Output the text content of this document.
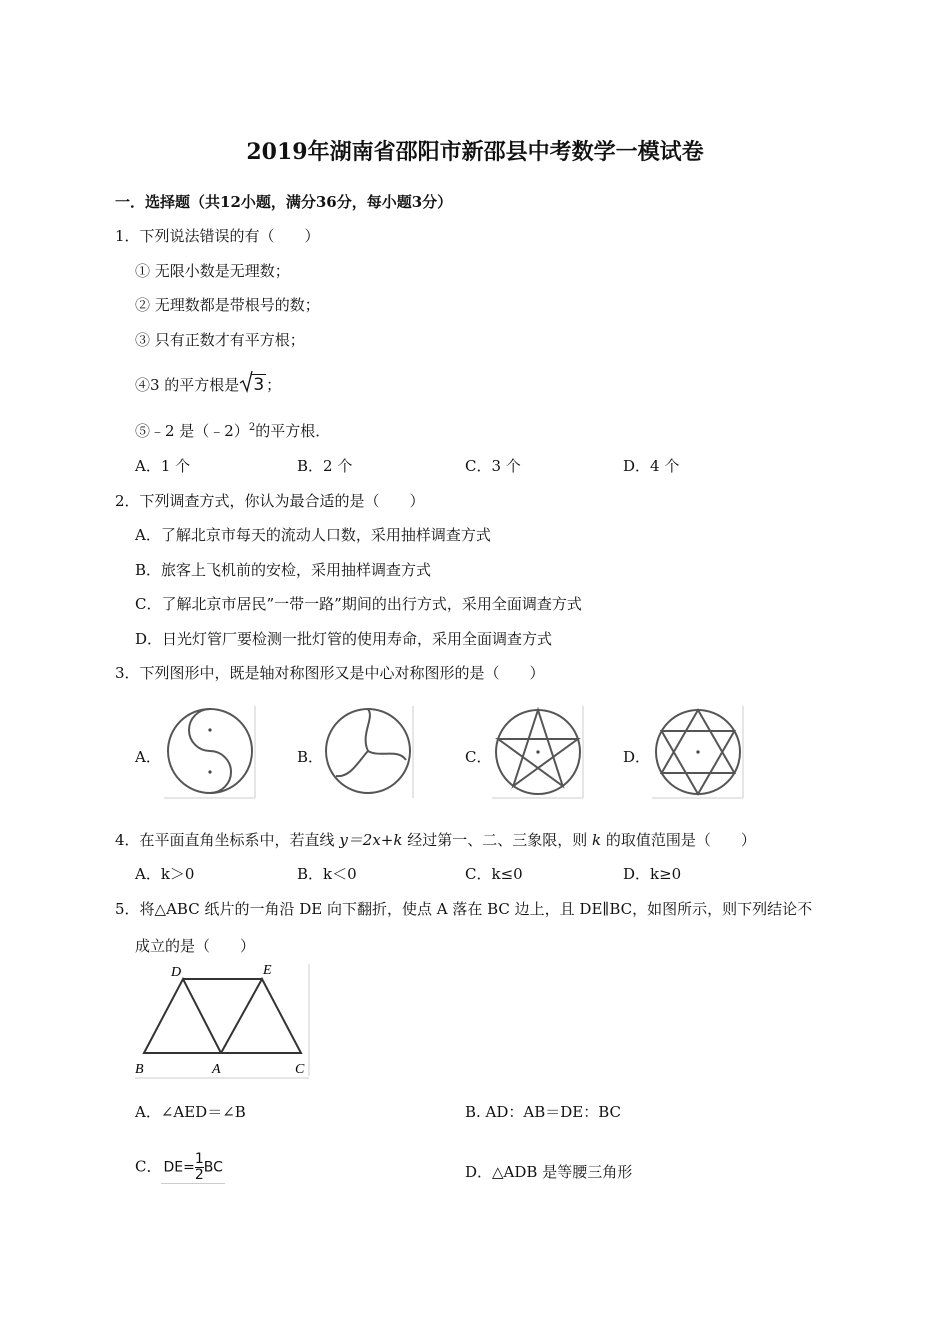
2019年湖南省邵阳市新邵县中考数学一模试卷
一．选择题（共12小题，满分36分，每小题3分）
1．下列说法错误的有（　　）
① 无限小数是无理数；
② 无理数都是带根号的数；
③ 只有正数才有平方根；
④3 的平方根是 3 ；
⑤﹣2 是（﹣2）$^2$的平方根．
A．1 个	B．2 个	C．3 个	D．4 个
2．下列调查方式，你认为最合适的是（　　）
A．了解北京市每天的流动人口数，采用抽样调查方式
B．旅客上飞机前的安检，采用抽样调查方式
C．了解北京市居民”一带一路”期间的出行方式，采用全面调查方式
D．日光灯管厂要检测一批灯管的使用寿命，采用全面调查方式
3．下列图形中，既是轴对称图形又是中心对称图形的是（　　）
A．	B．	C．	D．
4．在平面直角坐标系中，若直线 y＝2x+k 经过第一、二、三象限，则 k 的取值范围是（　　）
A．k＞0	B．k＜0	C．k≤0	D．k≥0
5．将△ABC 纸片的一角沿 DE 向下翻折，使点 A 落在 BC 边上，且 DE∥BC，如图所示，则下列结论不
成立的是（　　）
D	E
B	A	C
A．∠AED＝∠B	B. AD：AB＝DE：BC
C． $DE= \frac{1}{2}$ BC	D．△ADB 是等腰三角形
